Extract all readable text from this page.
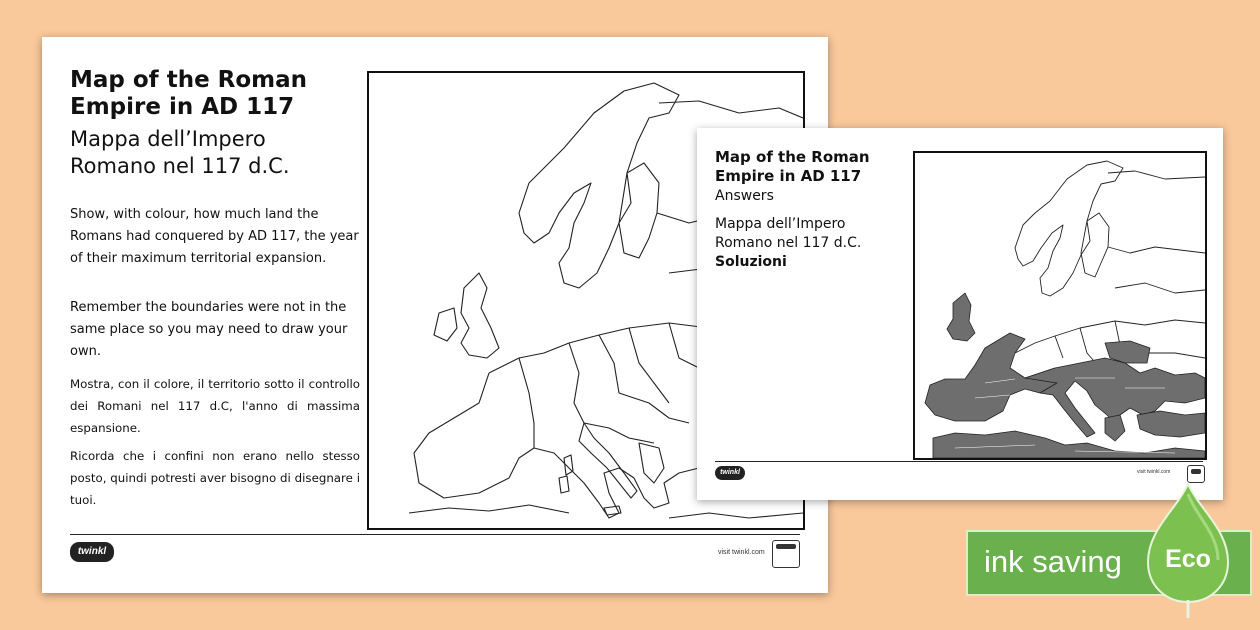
Map of the Roman Empire in AD 117
Mappa dell’Impero Romano nel 117 d.C.

Show, with colour, how much land the Romans had conquered by AD 117, the year of their maximum territorial expansion.

Remember the boundaries were not in the same place so you may need to draw your own.

Mostra, con il colore, il territorio sotto il controllo dei Romani nel 117 d.C, l'anno di massima espansione.

Ricorda che i confini non erano nello stesso posto, quindi potresti aver bisogno di disegnare i tuoi.

twinkl	visit twinkl.com
Map of the Roman Empire in AD 117
Answers
Mappa dell’Impero Romano nel 117 d.C.
Soluzioni
twinkl	visit twinkl.com
ink saving Eco
